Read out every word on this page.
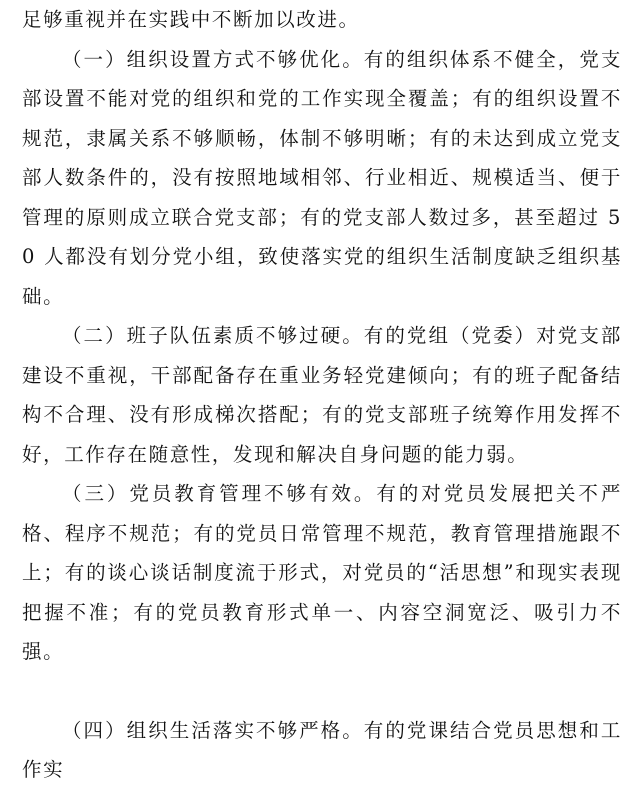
足够重视并在实践中不断加以改进。

（一）组织设置方式不够优化。有的组织体系不健全，党支部设置不能对党的组织和党的工作实现全覆盖；有的组织设置不规范，隶属关系不够顺畅，体制不够明晰；有的未达到成立党支部人数条件的，没有按照地域相邻、行业相近、规模适当、便于管理的原则成立联合党支部；有的党支部人数过多，甚至超过 50 人都没有划分党小组，致使落实党的组织生活制度缺乏组织基础。

（二）班子队伍素质不够过硬。有的党组（党委）对党支部建设不重视，干部配备存在重业务轻党建倾向；有的班子配备结构不合理、没有形成梯次搭配；有的党支部班子统筹作用发挥不好，工作存在随意性，发现和解决自身问题的能力弱。

（三）党员教育管理不够有效。有的对党员发展把关不严格、程序不规范；有的党员日常管理不规范，教育管理措施跟不上；有的谈心谈话制度流于形式，对党员的“活思想”和现实表现把握不准；有的党员教育形式单一、内容空洞宽泛、吸引力不强。

（四）组织生活落实不够严格。有的党课结合党员思想和工作实
